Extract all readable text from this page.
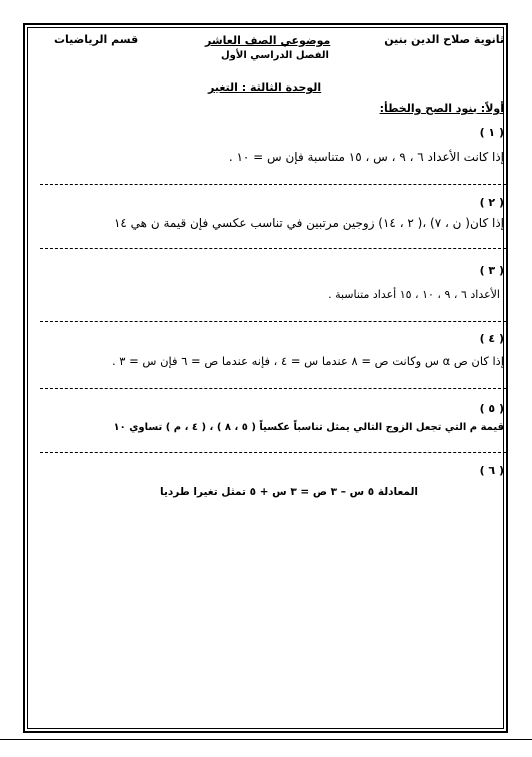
ثانوية صلاح الدين بنين
موضوعي الصف العاشر
الفصل الدراسي الأول
قسم الرياضيات
الوحدة الثالثة : التغير
أولاً: بنود الصح والخطأ:
( ١ )
إذا كانت الأعداد ٦ ، ٩ ، س ، ١٥ متناسبة فإن س = ١٠ .
( ٢ )
إذا كان( ن ، ٧) ،( ٢ ، ١٤) زوجين مرتبين في تناسب عكسي فإن قيمة ن هي ١٤
( ٣ )
الأعداد ٦ ، ٩ ، ١٠ ، ١٥ أعداد متناسبة .
( ٤ )
إذا كان ص α س وكانت ص = ٨ عندما س = ٤ ، فإنه عندما ص = ٦ فإن س = ٣ .
( ٥ )
قيمة م التي تجعل الزوج التالي يمثل تناسباً عكسياً ( ٥ ، ٨ ) ، ( ٤ ، م ) تساوي ١٠
( ٦ )
المعادلة ٥ س – ٣ ص = ٣ س + ٥ تمثل تغيرا طرديا
